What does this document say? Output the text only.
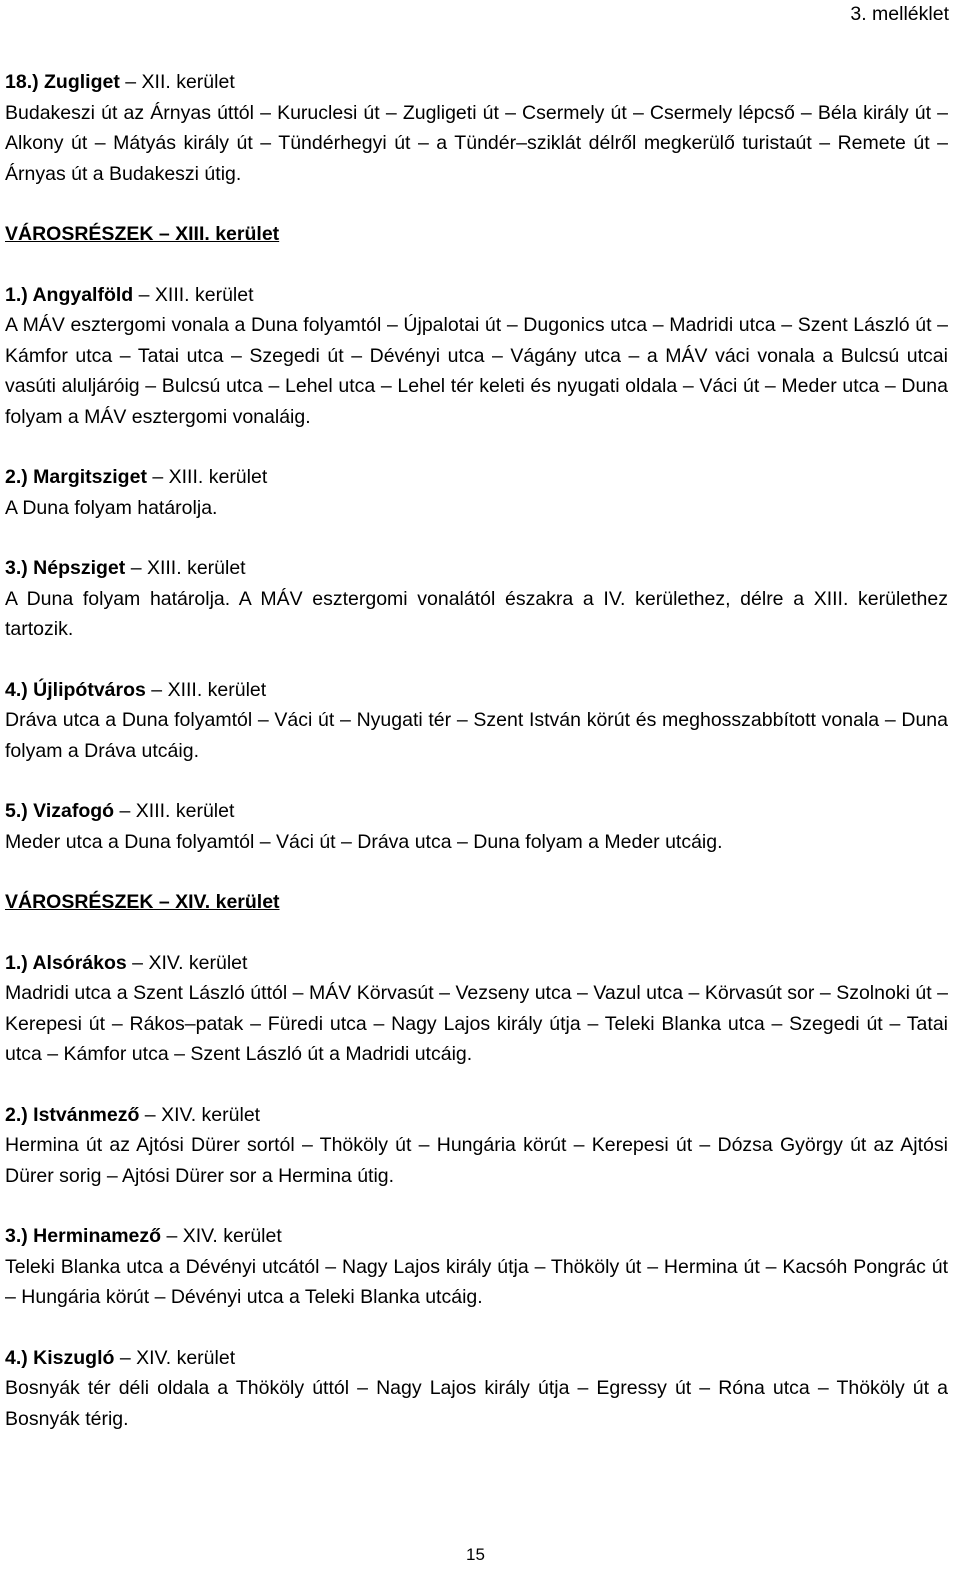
3. melléklet

18.) Zugliget – XII. kerület

Budakeszi út az Árnyas úttól – Kuruclesi út – Zugligeti út – Csermely út – Csermely lépcső – Béla király út – Alkony út – Mátyás király út – Tündérhegyi út – a Tündér–sziklát délről megkerülő turistaút – Remete út – Árnyas út a Budakeszi útig.

VÁROSRÉSZEK – XIII. kerület

1.) Angyalföld – XIII. kerület

A MÁV esztergomi vonala a Duna folyamtól – Újpalotai út – Dugonics utca – Madridi utca – Szent László út – Kámfor utca – Tatai utca – Szegedi út – Dévényi utca – Vágány utca – a MÁV váci vonala a Bulcsú utcai vasúti aluljáróig – Bulcsú utca – Lehel utca – Lehel tér keleti és nyugati oldala – Váci út – Meder utca – Duna folyam a MÁV esztergomi vonaláig.

2.) Margitsziget – XIII. kerület

A Duna folyam határolja.

3.) Népsziget – XIII. kerület

A Duna folyam határolja. A MÁV esztergomi vonalától északra a IV. kerülethez, délre a XIII. kerülethez tartozik.

4.) Újlipótváros – XIII. kerület

Dráva utca a Duna folyamtól – Váci út – Nyugati tér – Szent István körút és meghosszabbított vonala – Duna folyam a Dráva utcáig.

5.) Vizafogó – XIII. kerület

Meder utca a Duna folyamtól – Váci út – Dráva utca – Duna folyam a Meder utcáig.

VÁROSRÉSZEK – XIV. kerület

1.) Alsórákos – XIV. kerület

Madridi utca a Szent László úttól – MÁV Körvasút – Vezseny utca – Vazul utca – Körvasút sor – Szolnoki út – Kerepesi út – Rákos–patak – Füredi utca – Nagy Lajos király útja – Teleki Blanka utca – Szegedi út – Tatai utca – Kámfor utca – Szent László út a Madridi utcáig.

2.) Istvánmező – XIV. kerület

Hermina út az Ajtósi Dürer sortól – Thököly út – Hungária körút – Kerepesi út – Dózsa György út az Ajtósi Dürer sorig – Ajtósi Dürer sor a Hermina útig.

3.) Herminamező – XIV. kerület

Teleki Blanka utca a Dévényi utcától – Nagy Lajos király útja – Thököly út – Hermina út – Kacsóh Pongrác út – Hungária körút – Dévényi utca a Teleki Blanka utcáig.

4.) Kiszugló – XIV. kerület

Bosnyák tér déli oldala a Thököly úttól – Nagy Lajos király útja – Egressy út – Róna utca – Thököly út a Bosnyák térig.

15
